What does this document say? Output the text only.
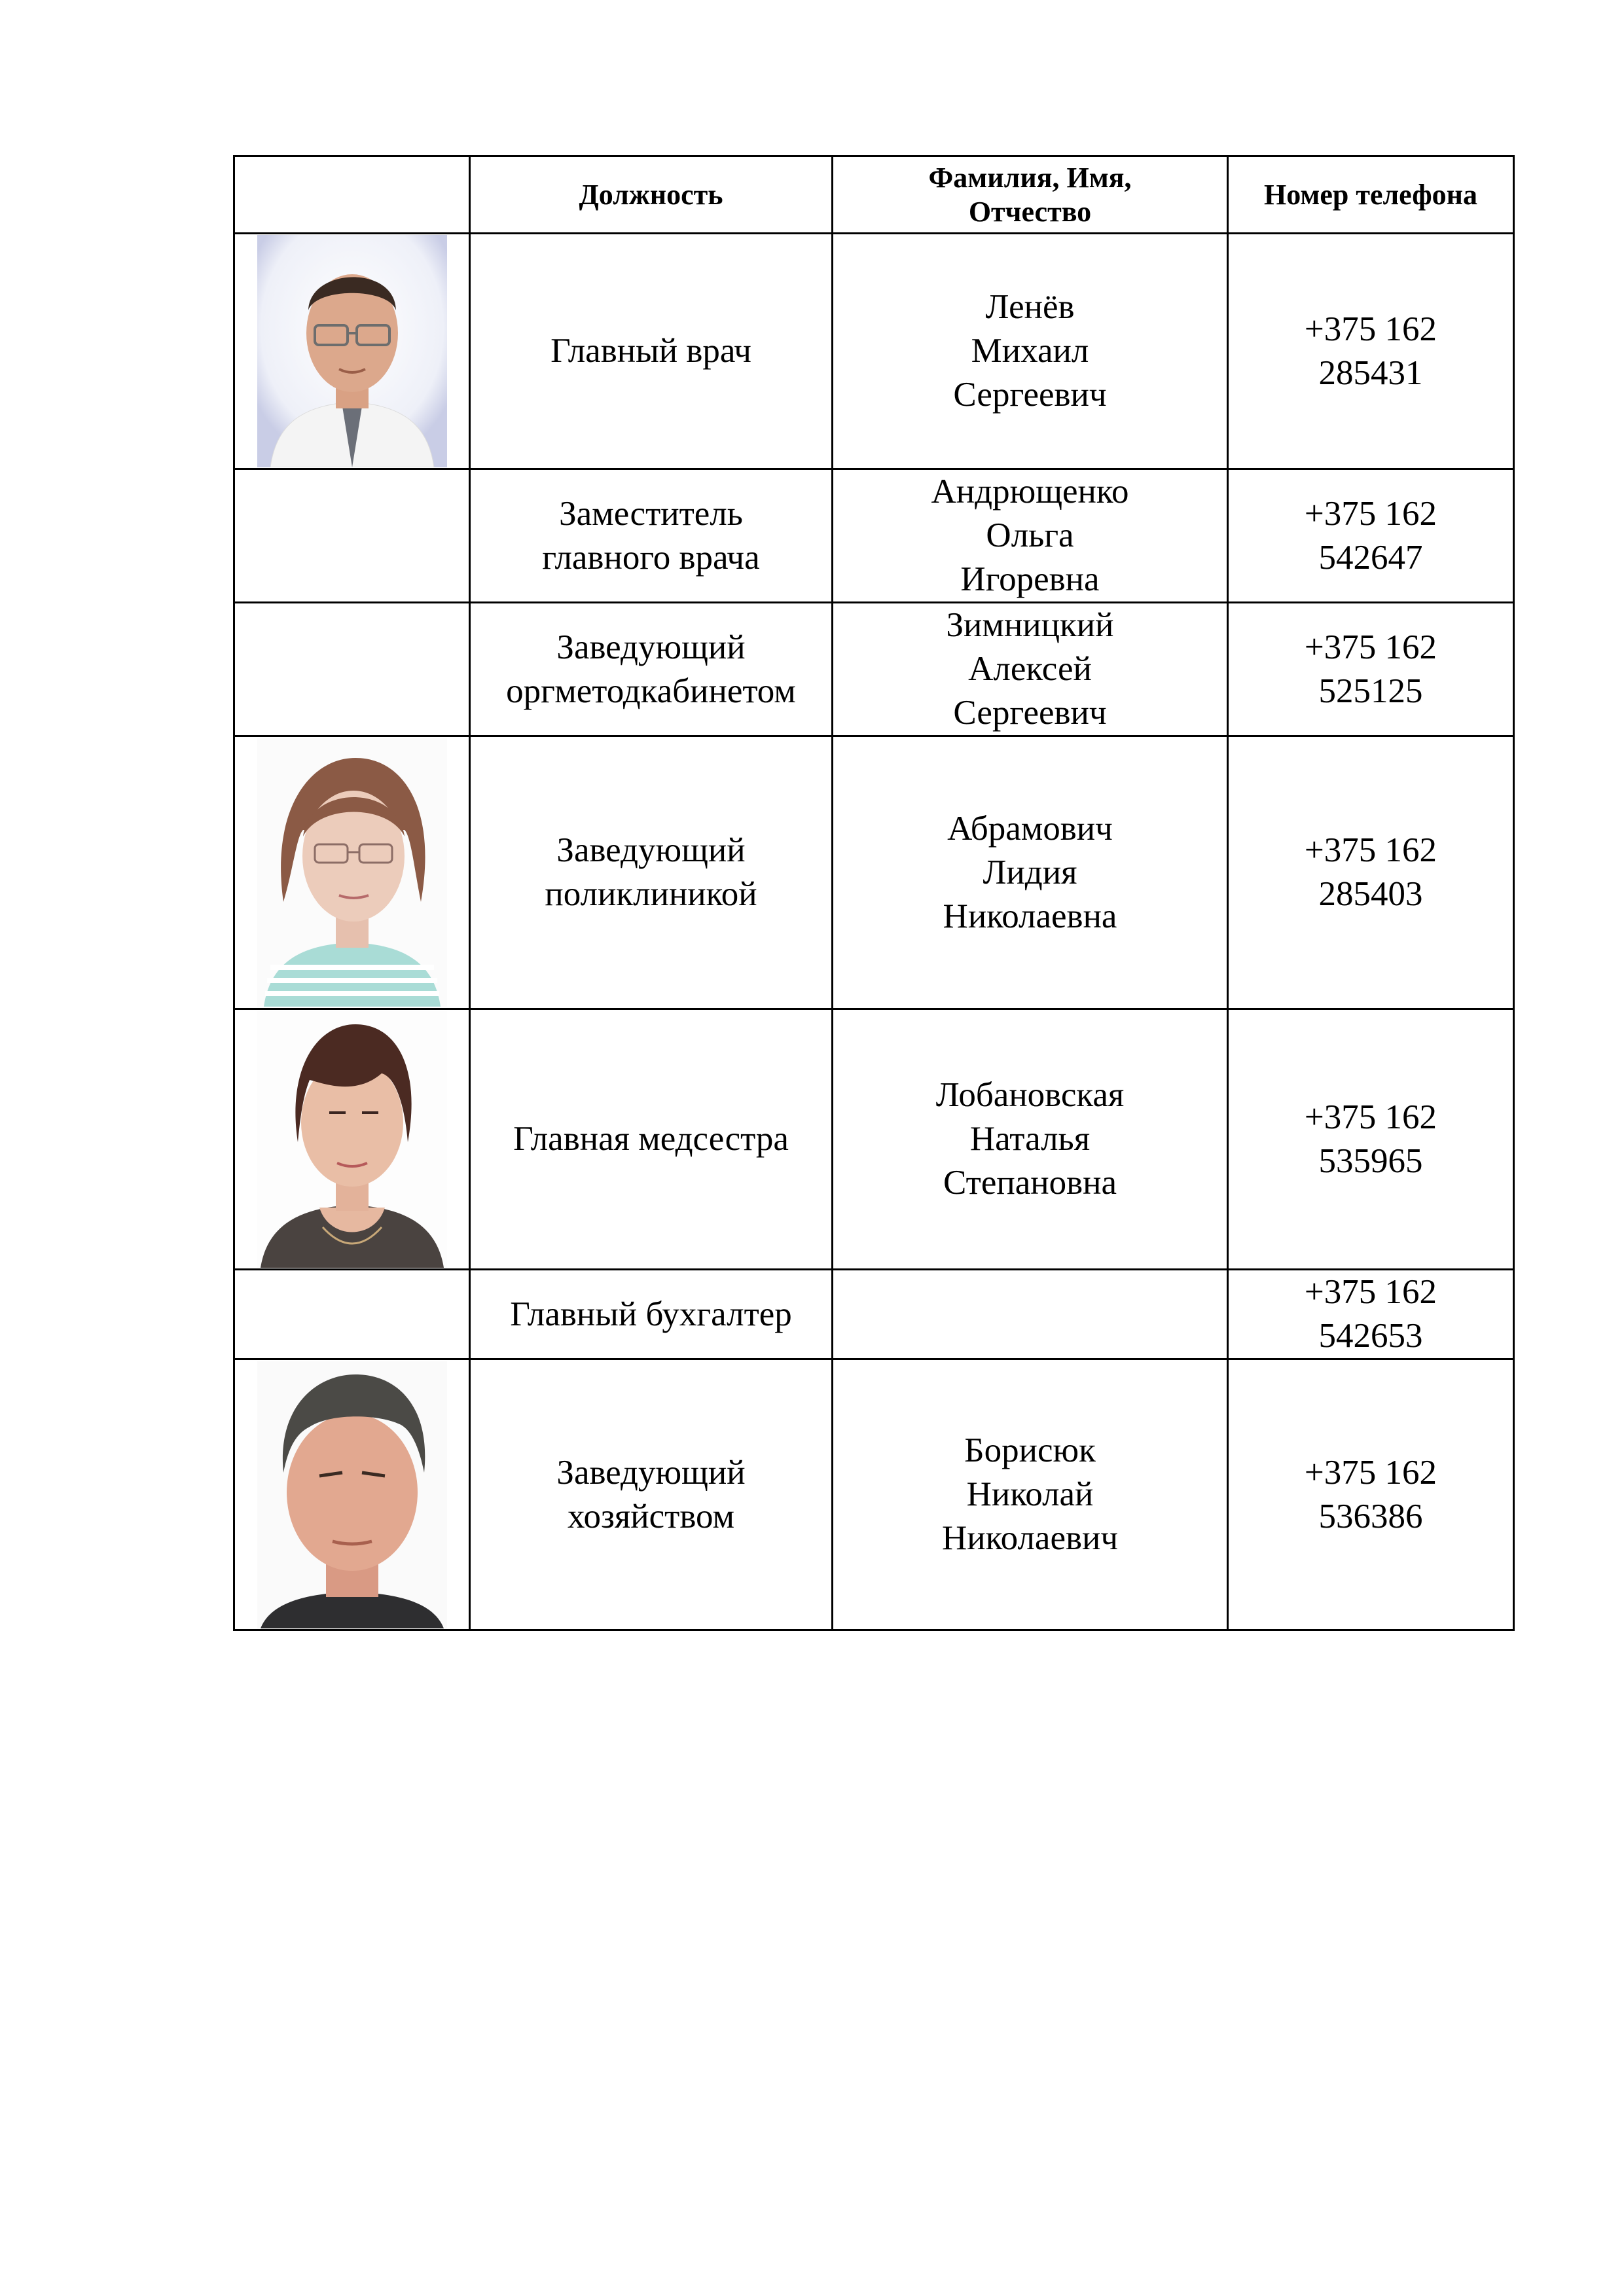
	Должность	Фамилия, Имя,
Отчество	Номер телефона

	Главный врач	Ленёв
Михаил
Сергеевич	+375 162
285431
	Заместитель
главного врача	Андрющенко
Ольга
Игоревна	+375 162
542647
	Заведующий
оргметодкабинетом	Зимницкий
Алексей
Сергеевич	+375 162
525125

	Заведующий
поликлиникой	Абрамович
Лидия
Николаевна	+375 162
285403

	Главная медсестра	Лобановская
Наталья
Степановна	+375 162
535965
	Главный бухгалтер		+375 162
542653

	Заведующий
хозяйством	Борисюк
Николай
Николаевич	+375 162
536386
